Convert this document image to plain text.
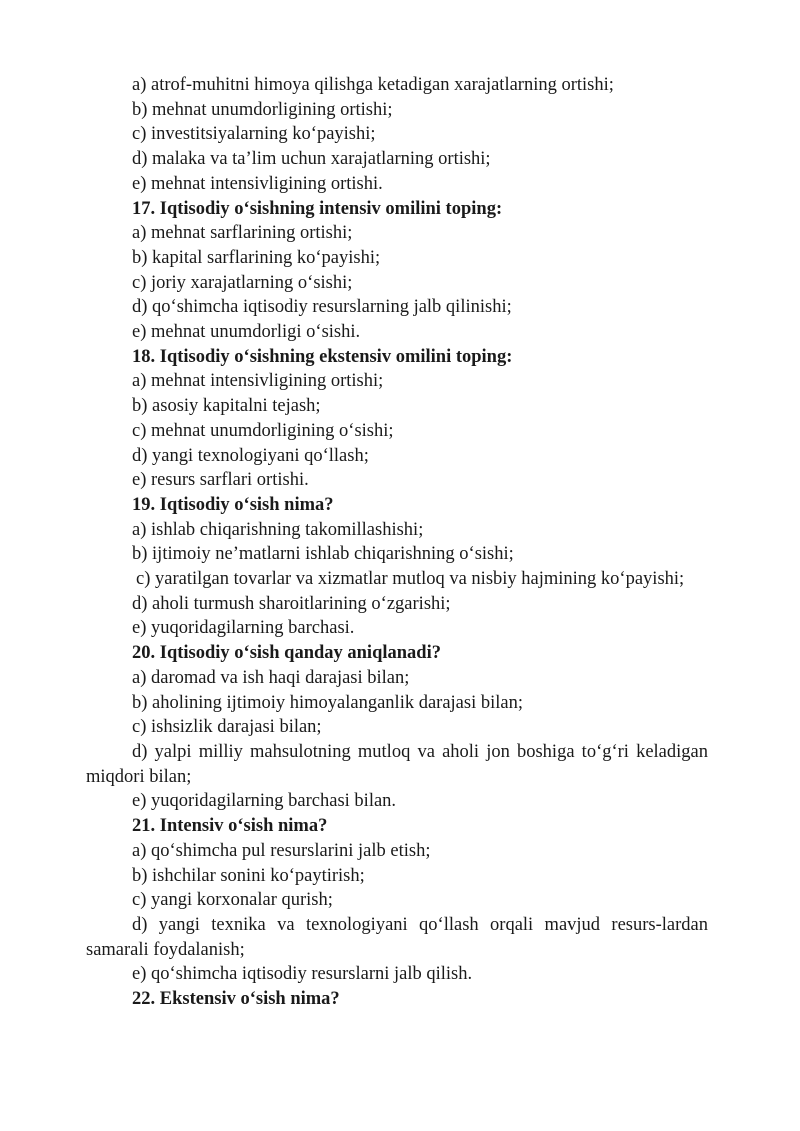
a) atrof-muhitni himoya qilishga ketadigan xarajatlarning ortishi;

b) mehnat unumdorligining ortishi;

c) investitsiyalarning koʻpayishi;

d) malaka va ta’lim uchun xarajatlarning ortishi;

e) mehnat intensivligining ortishi.

17. Iqtisodiy oʻsishning intensiv omilini toping:

a) mehnat sarflarining ortishi;

b) kapital sarflarining koʻpayishi;

c) joriy xarajatlarning oʻsishi;

d) qoʻshimcha iqtisodiy resurslarning jalb qilinishi;

e) mehnat unumdorligi oʻsishi.

18. Iqtisodiy oʻsishning ekstensiv omilini toping:

a) mehnat intensivligining ortishi;

b) asosiy kapitalni tejash;

c) mehnat unumdorligining oʻsishi;

d) yangi texnologiyani qoʻllash;

e) resurs sarflari ortishi.

19. Iqtisodiy oʻsish nima?

a) ishlab chiqarishning takomillashishi;

b) ijtimoiy ne’matlarni ishlab chiqarishning oʻsishi;

c) yaratilgan tovarlar va xizmatlar mutloq va nisbiy hajmining koʻpayishi;

d) aholi turmush sharoitlarining oʻzgarishi;

e) yuqoridagilarning barchasi.

20. Iqtisodiy oʻsish qanday aniqlanadi?

a) daromad va ish haqi darajasi bilan;

b) aholining ijtimoiy himoyalanganlik darajasi bilan;

c) ishsizlik darajasi bilan;

d) yalpi milliy mahsulotning mutloq va aholi jon boshiga toʻgʻri keladigan miqdori bilan;

e) yuqoridagilarning barchasi bilan.

21. Intensiv oʻsish nima?

a) qoʻshimcha pul resurslarini jalb etish;

b) ishchilar sonini koʻpaytirish;

c) yangi korxonalar qurish;

d) yangi texnika va texnologiyani qoʻllash orqali mavjud resurs-lardan samarali foydalanish;

e) qoʻshimcha iqtisodiy resurslarni jalb qilish.

22. Ekstensiv oʻsish nima?
